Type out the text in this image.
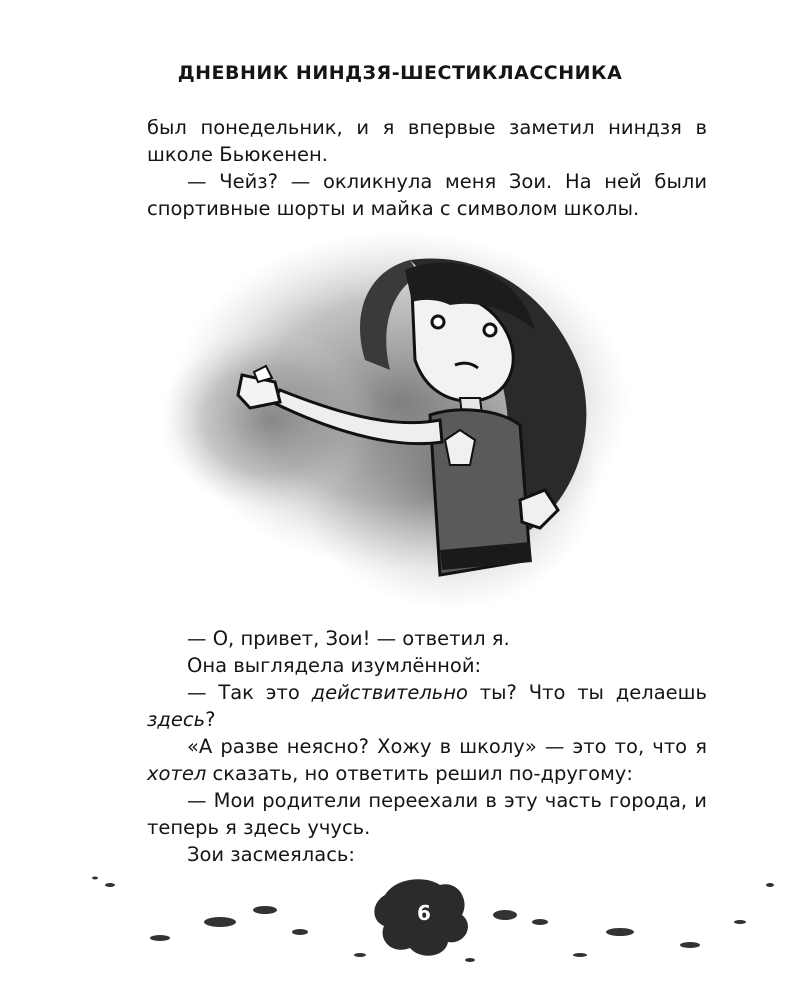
ДНЕВНИК НИНДЗЯ-ШЕСТИКЛАССНИКА

был понедельник, и я впервые заметил ниндзя в школе Бьюкенен.

— Чейз? — окликнула меня Зои. На ней были спортивные шорты и майка с символом школы.

— О, привет, Зои! — ответил я.

Она выглядела изумлённой:

— Так это действительно ты? Что ты делаешь здесь?

«А разве неясно? Хожу в школу» — это то, что я хотел сказать, но ответить решил по-другому:

— Мои родители переехали в эту часть города, и теперь я здесь учусь.

Зои засмеялась:

6
